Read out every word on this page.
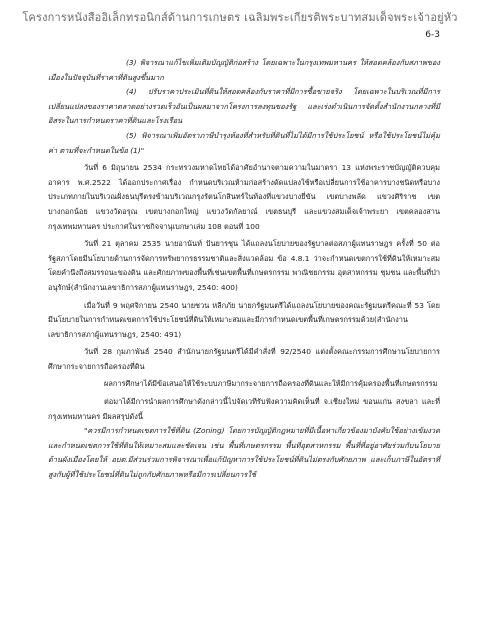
โครงการหนังสืออิเล็กทรอนิกส์ด้านการเกษตร เฉลิมพระเกียรติพระบาทสมเด็จพระเจ้าอยู่หัว
6-3

(3) พิจารณาแก้ไขเพิ่มเติมบัญญัติก่อสร้าง โดยเฉพาะในกรุงเทพมหานคร ให้สอดคล้องกับสภาพของเมืองในปัจจุบันที่ราคาที่ดินสูงขึ้นมาก

(4) ปรับราคาประเมินที่ดินให้สอดคล้องกับราคาที่มีการซื้อขายจริง โดยเฉพาะในบริเวณที่มีการเปลี่ยนแปลงของราคาตลาดอย่างรวดเร็วอันเป็นผลมาจากโครงการลงทุนของรัฐ และเร่งดำเนินการจัดตั้งสำนักงานกลางที่มีอิสระในการกำหนดราคาที่ดินและโรงเรือน

(5) พิจารณาเพิ่มอัตราภาษีบำรุงท้องที่สำหรับที่ดินที่ไม่ได้มีการใช้ประโยชน์ หรือใช้ประโยชน์ไม่คุ้มค่า ตามที่จะกำหนดในข้อ (1)"

วันที่ 6 มิถุนายน 2534 กระทรวงมหาดไทยได้อาศัยอำนาจตามความในมาตรา 13 แห่งพระราชบัญญัติควบคุมอาคาร พ.ศ.2522 ได้ออกประกาศเรื่อง กำหนดบริเวณห้ามก่อสร้างดัดแปลงใช้หรือเปลี่ยนการใช้อาคารบางชนิดหรือบางประเภทภายในบริเวณฝั่งธนบุรีตรงข้ามบริเวณกรุงรัตนโกสินทร์ในท้องที่แขวงบางยี่ขัน เขตบางพลัด แขวงศิริราช เขตบางกอกน้อย แขวงวัดอรุณ เขตบางกอกใหญ่ แขวงวัดกัลยาณ์ เขตธนบุรี และแขวงสมเด็จเจ้าพระยา เขตคลองสาน กรุงเทพมหานคร ประกาศในราชกิจจานุเบกษาเล่ม 108 ตอนที่ 100

วันที่ 21 ตุลาคม 2535 นายอานันท์ ปันยารชุน ได้แถลงนโยบายของรัฐบาลต่อสภาผู้แทนราษฎร ครั้งที่ 50 ต่อรัฐสภาโดยมีนโยบายด้านการจัดการทรัพยากรธรรมชาติและสิ่งแวดล้อม ข้อ 4.8.1 ว่าจะกำหนดเขตการใช้ที่ดินให้เหมาะสมโดยคำนึงถึงสมรรถนะของดิน และศักยภาพของพื้นที่เช่นเขตพื้นที่เกษตรกรรม พาณิชยกรรม อุตสาหกรรม ชุมชน และพื้นที่ป่าอนุรักษ์(สำนักงานเลขาธิการสภาผู้แทนราษฎร, 2540: 400)

เมื่อวันที่ 9 พฤศจิกายน 2540 นายชวน หลีกภัย นายกรัฐมนตรีได้แถลงนโยบายของคณะรัฐมนตรีคณะที่ 53 โดยมีนโยบายในการกำหนดเขตการใช้ประโยชน์ที่ดินให้เหมาะสมและมีการกำหนดเขตพื้นที่เกษตรกรรมด้วย(สำนักงานเลขาธิการสภาผู้แทนราษฎร, 2540: 491)

วันที่ 28 กุมภาพันธ์ 2540 สำนักนายกรัฐมนตรีได้มีคำสั่งที่ 92/2540 แต่งตั้งคณะกรรมการศึกษานโยบายการศึกษากระจายการถือครองที่ดิน

ผลการศึกษาได้มีข้อเสนอให้ใช้ระบบภาษีมากระจายการถือครองที่ดินและให้มีการคุ้มครองพื้นที่เกษตรกรรม

ต่อมาได้มีการนำผลการศึกษาดังกล่าวนี้ไปจัดเวทีรับฟังความคิดเห็นที่ จ.เชียงใหม่ ขอนแก่น สงขลา และที่กรุงเทพมหานคร มีผลสรุปดังนี้

"ควรมีการกำหนดเขตการใช้ที่ดิน (Zoning) โดยการบัญญัติกฎหมายที่มีเนื้อหาเกี่ยวข้องมาบังคับใช้อย่างเข้มงวดและกำหนดเขตการใช้ที่ดินให้เหมาะสมและชัดเจน เช่น พื้นที่เกษตรกรรม พื้นที่อุตสาหกรรม พื้นที่ที่อยู่อาศัยร่วมกับนโยบายด้านผังเมืองโดยให้ อบต.มีส่วนร่วมการพิจารณาเพื่อแก้ปัญหาการใช้ประโยชน์ที่ดินไม่ตรงกับศักยภาพ และเก็บภาษีในอัตราที่สูงกับผู้ที่ใช้ประโยชน์ที่ดินไม่ถูกกับศักยภาพหรือมีการเปลี่ยนการใช้
